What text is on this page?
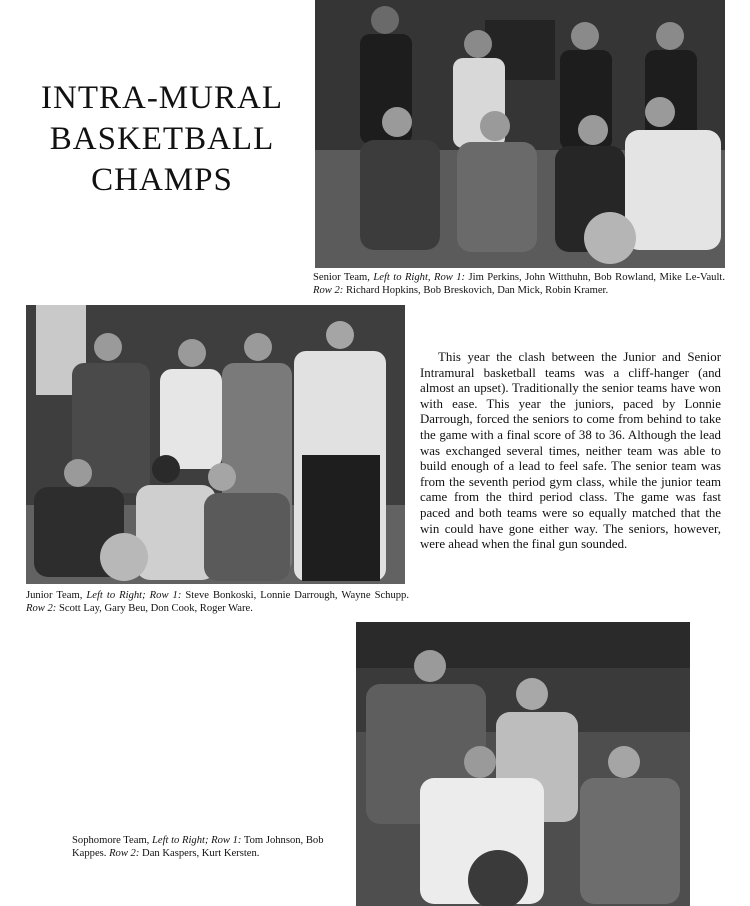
INTRA-MURAL
BASKETBALL
CHAMPS
Senior Team, Left to Right, Row 1: Jim Perkins, John Witthuhn, Bob Rowland, Mike Le-Vault. Row 2: Richard Hopkins, Bob Breskovich, Dan Mick, Robin Kramer.
Junior Team, Left to Right; Row 1: Steve Bonkoski, Lonnie Darrough, Wayne Schupp. Row 2: Scott Lay, Gary Beu, Don Cook, Roger Ware.

This year the clash between the Junior and Senior Intramural basketball teams was a cliff-hanger (and almost an upset). Traditionally the senior teams have won with ease. This year the juniors, paced by Lonnie Darrough, forced the seniors to come from behind to take the game with a final score of 38 to 36. Although the lead was exchanged several times, neither team was able to build enough of a lead to feel safe. The senior team was from the seventh period gym class, while the junior team came from the third period class. The game was fast paced and both teams were so equally matched that the win could have gone either way. The seniors, however, were ahead when the final gun sounded.

Sophomore Team, Left to Right; Row 1: Tom Johnson, Bob Kappes. Row 2: Dan Kaspers, Kurt Kersten.
